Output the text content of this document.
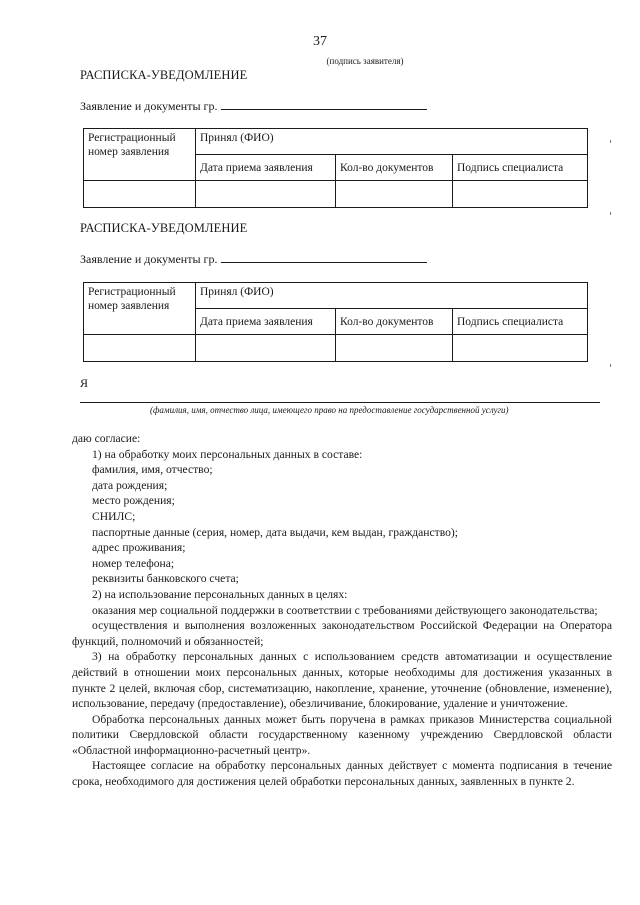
37
(подпись заявителя)
РАСПИСКА-УВЕДОМЛЕНИЕ
Заявление и документы гр.
Регистрационный номер заявления	Принял (ФИО)		
	Дата приема заявления	Кол-во документов	Подпись специалиста

РАСПИСКА-УВЕДОМЛЕНИЕ
Заявление и документы гр.
Регистрационный номер заявления	Принял (ФИО)		
	Дата приема заявления	Кол-во документов	Подпись специалиста

Я
(фамилия, имя, отчество лица, имеющего право на предоставление государственной услуги)

даю согласие:

1) на обработку моих персональных данных в составе:

фамилия, имя, отчество;

дата рождения;

место рождения;

СНИЛС;

паспортные данные (серия, номер, дата выдачи, кем выдан, гражданство);

адрес проживания;

номер телефона;

реквизиты банковского счета;

2) на использование персональных данных в целях:

оказания мер социальной поддержки в соответствии с требованиями действующего законодательства;

осуществления и выполнения возложенных законодательством Российской Федерации на Оператора функций, полномочий и обязанностей;

3) на обработку персональных данных с использованием средств автоматизации и осуществление действий в отношении моих персональных данных, которые необходимы для достижения указанных в пункте 2 целей, включая сбор, систематизацию, накопление, хранение, уточнение (обновление, изменение), использование, передачу (предоставление), обезличивание, блокирование, удаление и уничтожение.

Обработка персональных данных может быть поручена в рамках приказов Министерства социальной политики Свердловской области государственному казенному учреждению Свердловской области «Областной информационно-расчетный центр».

Настоящее согласие на обработку персональных данных действует с момента подписания в течение срока, необходимого для достижения целей обработки персональных данных, заявленных в пункте 2.
